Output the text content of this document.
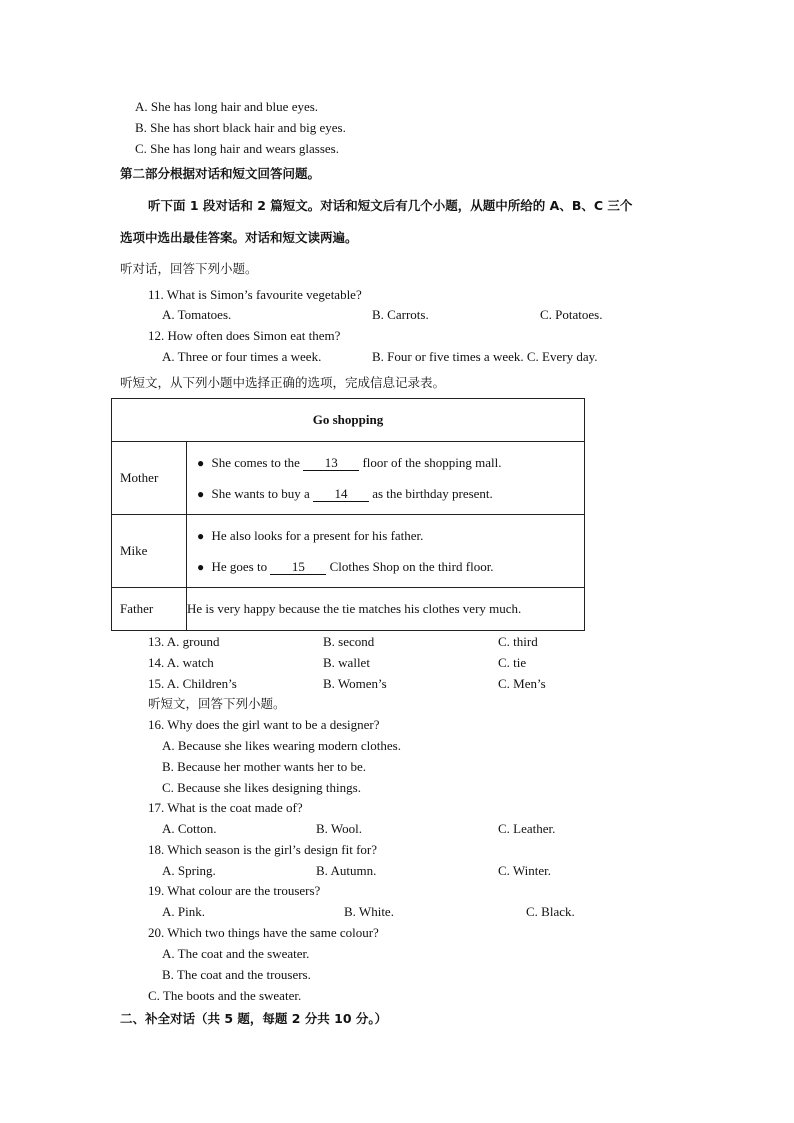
A. She has long hair and blue eyes.
B. She has short black hair and big eyes.
C. She has long hair and wears glasses.
第二部分根据对话和短文回答问题。
听下面 1 段对话和 2 篇短文。对话和短文后有几个小题，从题中所给的 A、B、C 三个
选项中选出最佳答案。对话和短文读两遍。
听对话，回答下列小题。
11. What is Simon’s favourite vegetable?
A. Tomatoes.	B. Carrots.	C. Potatoes.
12. How often does Simon eat them?
A. Three or four times a week.	B. Four or five times a week. C. Every day.
听短文，从下列小题中选择正确的选项，完成信息记录表。
Go shopping	
Mother	● She comes to the 13 floor of the shopping mall.
● She wants to buy a 14 as the birthday present.

Mike	● He also looks for a present for his father.
● He goes to 15 Clothes Shop on the third floor.

Father	He is very happy because the tie matches his clothes very much.
13. A. ground	B. second	C. third
14. A. watch	B. wallet	C. tie
15. A. Children’s	B. Women’s	C. Men’s
听短文，回答下列小题。
16. Why does the girl want to be a designer?
A. Because she likes wearing modern clothes.
B. Because her mother wants her to be.
C. Because she likes designing things.
17. What is the coat made of?
A. Cotton.	B. Wool.	C. Leather.
18. Which season is the girl’s design fit for?
A. Spring.	B. Autumn.	C. Winter.
19. What colour are the trousers?
A. Pink.	B. White.	C. Black.
20. Which two things have the same colour?
A. The coat and the sweater.
B. The coat and the trousers.
C. The boots and the sweater.
二、补全对话（共 5 题，每题 2 分共 10 分。）
